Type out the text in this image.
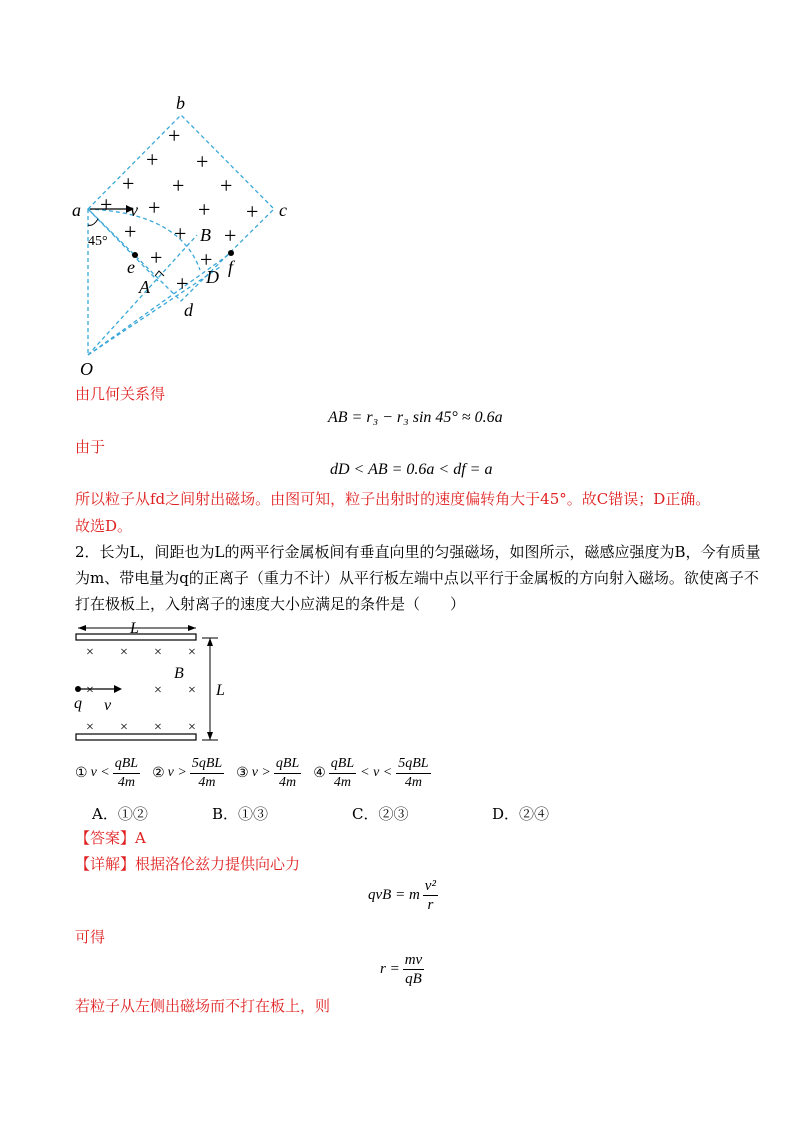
+
+ +
+ + +
+ + + +
+ + +
+ +
+
b
c
a	v
O
e	f
A
B
D
d
45°
由几何关系得
AB = r₃ − r₃ sin 45° ≈ 0.6a
由于
dD < AB = 0.6a < df = a
所以粒子从fd之间射出磁场。由图可知，粒子出射时的速度偏转角大于45°。故C错误；D正确。
故选D。
2．长为L，间距也为L的两平行金属板间有垂直向里的匀强磁场，如图所示，磁感应强度为B，今有质量
为m、带电量为q的正离子（重力不计）从平行板左端中点以平行于金属板的方向射入磁场。欲使离子不
打在极板上，入射离子的速度大小应满足的条件是（　　）
× × × ×
×	× ×
× × × ×
L
L
B
q v
① $v < \frac{\text{qBL}}{4m}$ ② $v > \frac{\text{5qBL}}{4m}$ ③ $v > \frac{\text{qBL}}{4m}$ ④ $\frac{\text{qBL}}{4m} < v < \frac{\text{5qBL}}{4m}$
A．①②	B．①③	C．②③	D．②④
【答案】A
【详解】根据洛伦兹力提供向心力
qvB = m $\frac{\text{v²}}{r}$
可得
$r = \frac{mv}{qB}$
若粒子从左侧出磁场而不打在板上，则
